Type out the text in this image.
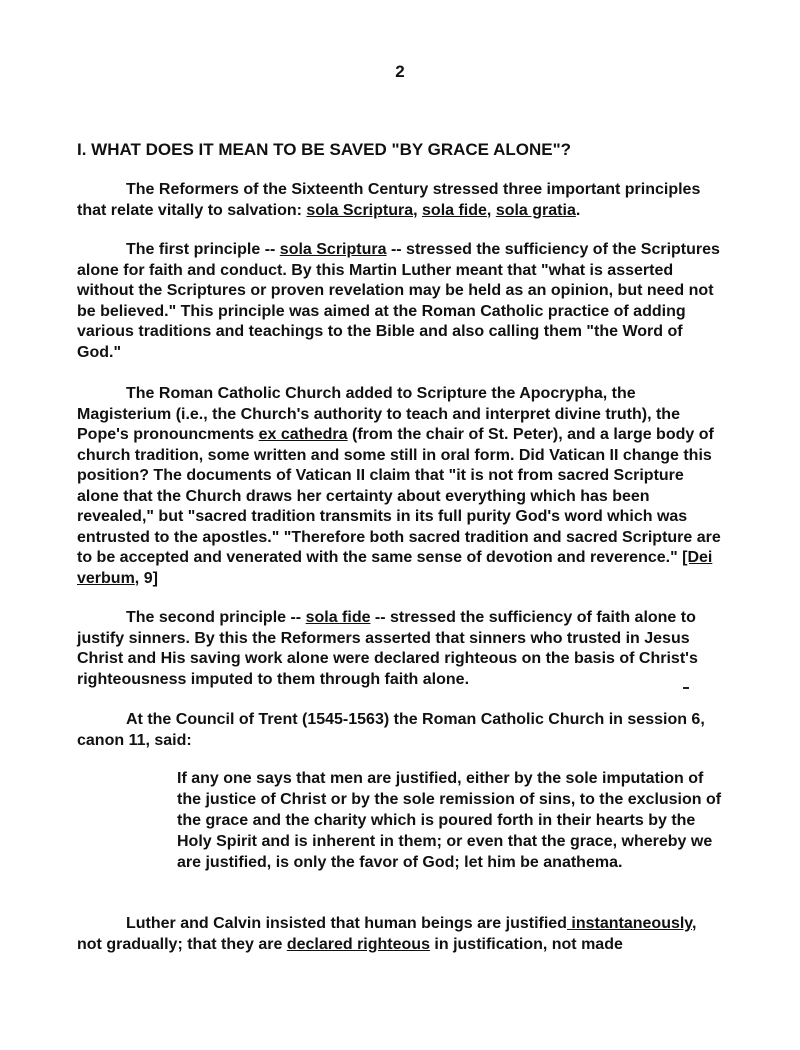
2
I. WHAT DOES IT MEAN TO BE SAVED "BY GRACE ALONE"?

The Reformers of the Sixteenth Century stressed three important principles that relate vitally to salvation: sola Scriptura, sola fide, sola gratia.

The first principle -- sola Scriptura -- stressed the sufficiency of the Scriptures alone for faith and conduct. By this Martin Luther meant that "what is asserted without the Scriptures or proven revelation may be held as an opinion, but need not be believed." This principle was aimed at the Roman Catholic practice of adding various traditions and teachings to the Bible and also calling them "the Word of God."

The Roman Catholic Church added to Scripture the Apocrypha, the Magisterium (i.e., the Church's authority to teach and interpret divine truth), the Pope's pronouncments ex cathedra (from the chair of St. Peter), and a large body of church tradition, some written and some still in oral form. Did Vatican II change this position? The documents of Vatican II claim that "it is not from sacred Scripture alone that the Church draws her certainty about everything which has been revealed," but "sacred tradition transmits in its full purity God's word which was entrusted to the apostles." "Therefore both sacred tradition and sacred Scripture are to be accepted and venerated with the same sense of devotion and reverence." [Dei verbum, 9]

The second principle -- sola fide -- stressed the sufficiency of faith alone to justify sinners. By this the Reformers asserted that sinners who trusted in Jesus Christ and His saving work alone were declared righteous on the basis of Christ's righteousness imputed to them through faith alone.

At the Council of Trent (1545-1563) the Roman Catholic Church in session 6, canon 11, said:

If any one says that men are justified, either by the sole imputation of the justice of Christ or by the sole remission of sins, to the exclusion of the grace and the charity which is poured forth in their hearts by the Holy Spirit and is inherent in them; or even that the grace, whereby we are justified, is only the favor of God; let him be anathema.

Luther and Calvin insisted that human beings are justified instantaneously, not gradually; that they are declared righteous in justification, not made
